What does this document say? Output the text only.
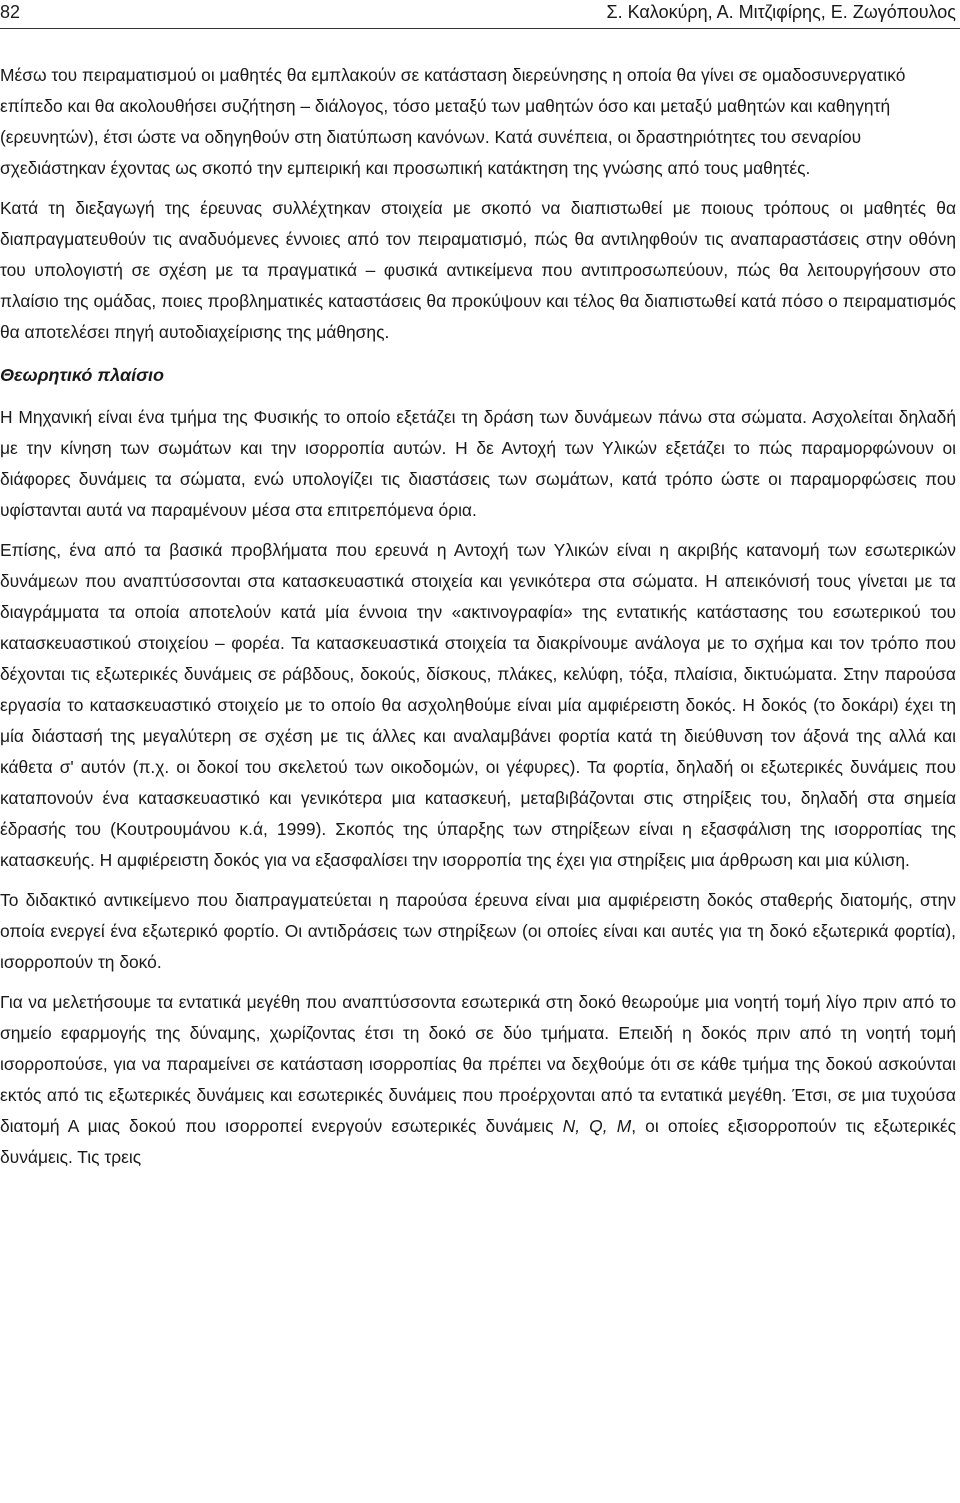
82	Σ. Καλοκύρη, Α. Μιτζιφίρης, Ε. Ζωγόπουλος

Μέσω του πειραματισμού οι μαθητές θα εμπλακούν σε κατάσταση διερεύνησης η οποία θα γίνει σε ομαδοσυνεργατικό επίπεδο και θα ακολουθήσει συζήτηση – διάλογος, τόσο μεταξύ των μαθητών όσο και μεταξύ μαθητών και καθηγητή (ερευνητών), έτσι ώστε να οδηγηθούν στη διατύπωση κανόνων. Κατά συνέπεια, οι δραστηριότητες του σεναρίου σχεδιάστηκαν έχοντας ως σκοπό την εμπειρική και προσωπική κατάκτηση της γνώσης από τους μαθητές.

Κατά τη διεξαγωγή της έρευνας συλλέχτηκαν στοιχεία με σκοπό να διαπιστωθεί με ποιους τρόπους οι μαθητές θα διαπραγματευθούν τις αναδυόμενες έννοιες από τον πειραματισμό, πώς θα αντιληφθούν τις αναπαραστάσεις στην οθόνη του υπολογιστή σε σχέση με τα πραγματικά – φυσικά αντικείμενα που αντιπροσωπεύουν, πώς θα λειτουργήσουν στο πλαίσιο της ομάδας, ποιες προβληματικές καταστάσεις θα προκύψουν και τέλος θα διαπιστωθεί κατά πόσο ο πειραματισμός θα αποτελέσει πηγή αυτοδιαχείρισης της μάθησης.

Θεωρητικό πλαίσιο

Η Μηχανική είναι ένα τμήμα της Φυσικής το οποίο εξετάζει τη δράση των δυνάμεων πάνω στα σώματα. Ασχολείται δηλαδή με την κίνηση των σωμάτων και την ισορροπία αυτών. Η δε Αντοχή των Υλικών εξετάζει το πώς παραμορφώνουν οι διάφορες δυνάμεις τα σώματα, ενώ υπολογίζει τις διαστάσεις των σωμάτων, κατά τρόπο ώστε οι παραμορφώσεις που υφίστανται αυτά να παραμένουν μέσα στα επιτρεπόμενα όρια.

Επίσης, ένα από τα βασικά προβλήματα που ερευνά η Αντοχή των Υλικών είναι η ακριβής κατανομή των εσωτερικών δυνάμεων που αναπτύσσονται στα κατασκευαστικά στοιχεία και γενικότερα στα σώματα. Η απεικόνισή τους γίνεται με τα διαγράμματα τα οποία αποτελούν κατά μία έννοια την «ακτινογραφία» της εντατικής κατάστασης του εσωτερικού του κατασκευαστικού στοιχείου – φορέα. Τα κατασκευαστικά στοιχεία τα διακρίνουμε ανάλογα με το σχήμα και τον τρόπο που δέχονται τις εξωτερικές δυνάμεις σε ράβδους, δοκούς, δίσκους, πλάκες, κελύφη, τόξα, πλαίσια, δικτυώματα. Στην παρούσα εργασία το κατασκευαστικό στοιχείο με το οποίο θα ασχοληθούμε είναι μία αμφιέρειστη δοκός. Η δοκός (το δοκάρι) έχει τη μία διάστασή της μεγαλύτερη σε σχέση με τις άλλες και αναλαμβάνει φορτία κατά τη διεύθυνση τον άξονά της αλλά και κάθετα σ' αυτόν (π.χ. οι δοκοί του σκελετού των οικοδομών, οι γέφυρες). Τα φορτία, δηλαδή οι εξωτερικές δυνάμεις που καταπονούν ένα κατασκευαστικό και γενικότερα μια κατασκευή, μεταβιβάζονται στις στηρίξεις του, δηλαδή στα σημεία έδρασής του (Κουτρουμάνου κ.ά, 1999). Σκοπός της ύπαρξης των στηρίξεων είναι η εξασφάλιση της ισορροπίας της κατασκευής. Η αμφιέρειστη δοκός για να εξασφαλίσει την ισορροπία της έχει για στηρίξεις μια άρθρωση και μια κύλιση.

Το διδακτικό αντικείμενο που διαπραγματεύεται η παρούσα έρευνα είναι μια αμφιέρειστη δοκός σταθερής διατομής, στην οποία ενεργεί ένα εξωτερικό φορτίο. Οι αντιδράσεις των στηρίξεων (οι οποίες είναι και αυτές για τη δοκό εξωτερικά φορτία), ισορροπούν τη δοκό.

Για να μελετήσουμε τα εντατικά μεγέθη που αναπτύσσοντα εσωτερικά στη δοκό θεωρούμε μια νοητή τομή λίγο πριν από το σημείο εφαρμογής της δύναμης, χωρίζοντας έτσι τη δοκό σε δύο τμήματα. Επειδή η δοκός πριν από τη νοητή τομή ισορροπούσε, για να παραμείνει σε κατάσταση ισορροπίας θα πρέπει να δεχθούμε ότι σε κάθε τμήμα της δοκού ασκούνται εκτός από τις εξωτερικές δυνάμεις και εσωτερικές δυνάμεις που προέρχονται από τα εντατικά μεγέθη. Έτσι, σε μια τυχούσα διατομή Α μιας δοκού που ισορροπεί ενεργούν εσωτερικές δυνάμεις N, Q, M, οι οποίες εξισορροπούν τις εξωτερικές δυνάμεις. Τις τρεις
